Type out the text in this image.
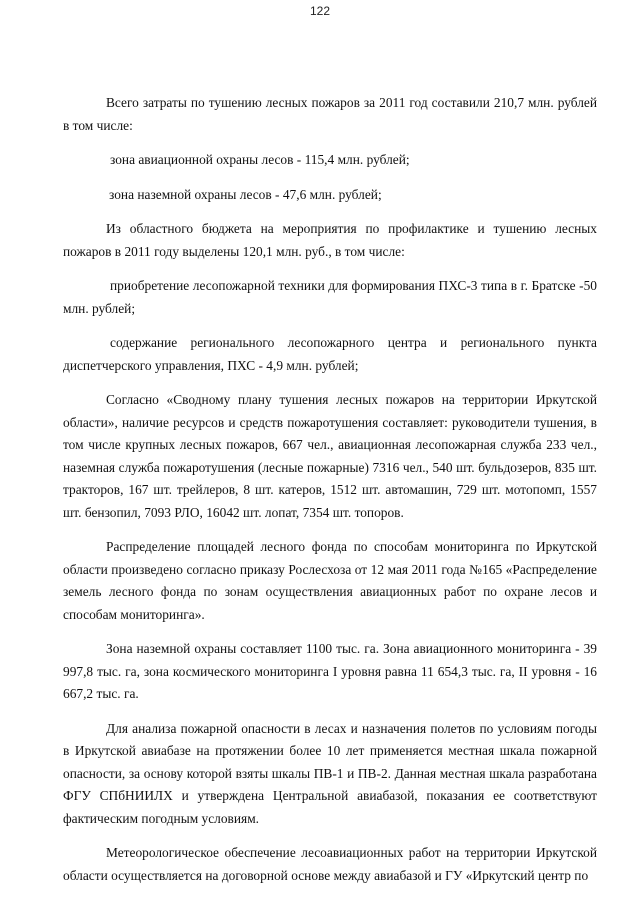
122

Всего затраты по тушению лесных пожаров за 2011 год составили 210,7 млн. рублей в том числе:

зона авиационной охраны лесов - 115,4 млн. рублей;

зона наземной охраны лесов - 47,6 млн. рублей;

Из областного бюджета на мероприятия по профилактике и тушению лесных пожаров в 2011 году выделены 120,1 млн. руб., в том числе:

приобретение лесопожарной техники для формирования ПХС-3 типа в г. Братске -50 млн. рублей;

содержание регионального лесопожарного центра и регионального пункта диспетчерского управления, ПХС - 4,9 млн. рублей;

Согласно «Сводному плану тушения лесных пожаров на территории Иркутской области», наличие ресурсов и средств пожаротушения составляет: руководители тушения, в том числе крупных лесных пожаров, 667 чел., авиационная лесопожарная служба 233 чел., наземная служба пожаротушения (лесные пожарные) 7316 чел., 540 шт. бульдозеров, 835 шт. тракторов, 167 шт. трейлеров, 8 шт. катеров, 1512 шт. автомашин, 729 шт. мотопомп, 1557 шт. бензопил, 7093 РЛО, 16042 шт. лопат, 7354 шт. топоров.

Распределение площадей лесного фонда по способам мониторинга по Иркутской области произведено согласно приказу Рослесхоза от 12 мая 2011 года №165 «Распределение земель лесного фонда по зонам осуществления авиационных работ по охране лесов и способам мониторинга».

Зона наземной охраны составляет 1100 тыс. га. Зона авиационного мониторинга - 39 997,8 тыс. га, зона космического мониторинга I уровня равна 11 654,3 тыс. га, II уровня - 16 667,2 тыс. га.

Для анализа пожарной опасности в лесах и назначения полетов по условиям погоды в Иркутской авиабазе на протяжении более 10 лет применяется местная шкала пожарной опасности, за основу которой взяты шкалы ПВ-1 и ПВ-2. Данная местная шкала разработана ФГУ СПбНИИЛХ и утверждена Центральной авиабазой, показания ее соответствуют фактическим погодным условиям.

Метеорологическое обеспечение лесоавиационных работ на территории Иркутской области осуществляется на договорной основе между авиабазой и ГУ «Иркутский центр по
